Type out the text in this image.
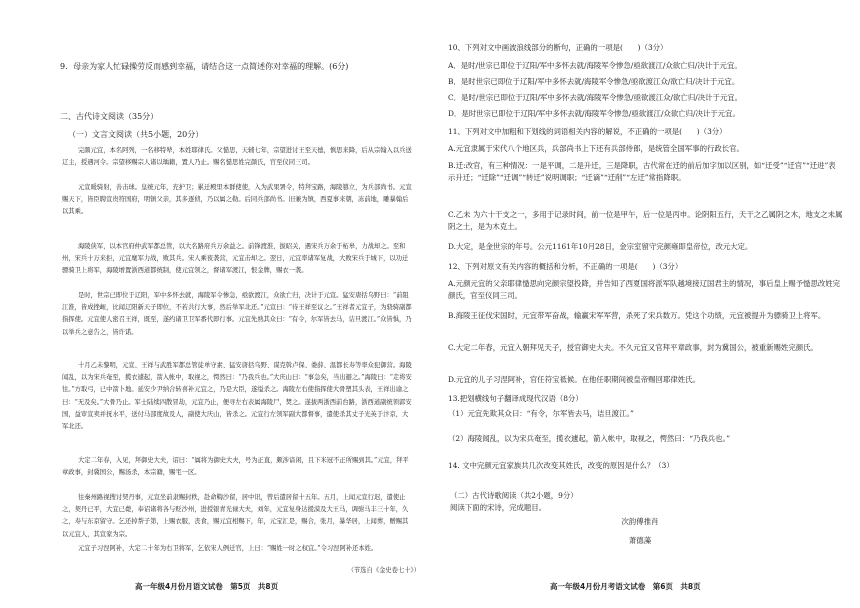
9．母亲为家人忙碌操劳反而感到幸福，请结合这一点简述你对幸福的理解。(6分)
二、古代诗文阅读（35分）
（一）文言文阅读（共5小题，20分）
完颜元宜，本名阿列，一名移特辇，本姓耶律氏。父慥思，天辅七年，宗望进讨王至天德，慎思来降，后从宗翰入以兵送辽主，授遇河令。宗望移赐宗人诸以瑀籍，置人乃止。赐名慥思姓完颜氏，官至仪同三司。
元宣暖骑射，善击球。皇统元年，充护卫；累迁殿里本群使使，入为武果署令，特拜宝路，海陵篡立，为兵部尚书。元宣赐天下，皆臣聘宣贵符国府，明镇父亲，其多逐侦，乃以属之勒。后同兵部尚书。旧兼为镇，西夏事来朝，冻前地，雕暴翰后以其乘。
海陵侠军，以本官府仲武军都总管，以大名路府兵万余益之。前锋渡淮，拔昭关，遇宋兵万余于柘皋，力战却之。至和州，宋兵十万来拒，元宜麾军力战，败其兵。宋人乘夜袭营，元宜击却之。翌日，元宜率诸军复战，大败宋兵于城下，以功迁骠骑卫上将军，海陵增置浙西道都统制，使元宜领之，督诸军渡江，恨金牌，赐衣一袭。
是时，世宗已即位于辽阳，军中多怀去就，海陵军令惨急，亟欲渡江，众欲亡归，决计于元宣。猛安唐括乌野曰：“前阻江淮，皆成挫衄，比闻辽阳新天子即位，不若共行大事，然后举军北还。”元宣曰：“待王祥至议之。”王祥者元宜子，为骁骑副都指挥使。元宜使人密召王祥，既至，遂约诸卫卫军番代即行事。元宜先熟其众曰：“有令，尔军皆去马，诘旦渡江。”众皆惧，乃以举兵之意告之，皆许诺。
十月乙未黎明，元宣、王祥与武胜军都总管徒单守素、猛安唐括乌野、谋克斡卢保、娄薛、温都长寿等率众犯御营。海陵闻乱，以为宋兵奄至，揽衣遽起，箭入帐中，取视之，愕然曰：“乃我兵也。”大庆山曰：“事急矣，当出避之。”海陵曰：“走将安往。”方取弓，已中箭卜地。延安少尹纳合转喜补元宜之，乃是大臣，遂缢杀之。海陵左右使指挥使大骨塑其头表，王祥出谕之曰：“无及矣。”大骨乃止。军士陆续四散冒劫，元宜乃止，便寻左右表属海陵尸，焚之。遂拔两浙西前台路，浙西道副统领郭安国，益审宣卖并抚水平，送付马部度故及人，副使大庆山，皆杀之。元宜行左领军副大都督事，遣使杀其丈子光英于汴京，大军北还。
大定二年春，入见，拜御史大夫，诏曰：“属将为御史大夫，号为正直，颇涉谙闲，且下米冠不正所赐到其。”元宜，拜平章政事，封冀国公，赐汤杀，本宗籍，赐宅一区。
往秦州路视搜讨契丹事，元宣坐前隶赐封秩，赴命鞫沙留，居中讯，曾后遣居留十五年。五月，上闻元宣行迟，遣使止之，契丹已平，大宜已薨，奉诏诸将各与贬沙州，进授银青光禄大夫，刘年，元宜复身达援漠及大王马，调驸马丰三十年，久之，寿与东京留守。乞还掉帮子第，上赐衣服，丧食，赐元宜相赐下，年，元宝汇是，赐合，张月，暴华居，上闻葬，赠赐其以元宜人，其宣家为宗。
元宜子习涅阿补，大定二十年为右卫将军，乞依宋人例迁官，上曰：“赐姓一时之权宜。”令习涅阿补还本姓。
（节选自《金史卷七十》）
高一年级4月份月语文试卷　第5页　共8页
10、下列对文中画波浪线部分的断句，正确的一项是(　　)（3分）
A．是时/世宗已即位于辽阳/军中多怀去就/海陵军令惨急/亟欲渡江/众欲亡归/决计于元宜。
B．是时世宗已即位于辽阳/军中多怀去就/海陵军令惨急/亟欲渡江众/欲亡归/决计于元宜。
C．是时/世宗已即位于辽阳/军中多怀去就/海陵军令惨急/亟欲渡江众/欲亡归/决计于元宜。
D．是时世宗已即位于辽阳/军中多怀去就/海陵军令惨急/亟欲渡江/众欲亡归/决计于元宜。
11、下列对文中加粗和下划线的词语相关内容的解说，不正确的一项是(　　)（3分）
A.元宜隶属于宋代八个地区兵，兵部尚书上下还有兵部侍郎，是统管全国军事的行政长官。
B.迁:改官，有三种情况：一是平调，二是升迁，三是降职，古代常在迁的前后加字加以区别，如“迁受”“迁官”“迁进”表示升迁；“迁除”“迁调”“转迁”说明调职；“迁谪”“迁削”“左迁”常指降职。
C.乙未 为六十干支之一，多用于记录时间，前一位是甲午，后一位是丙申。论阴阳五行，天干之乙属阴之木，地支之未属阴之土，是为木克土。
D.大定，是金世宗的年号。公元1161年10月28日，金宗室留守完颜雍即皇帝位，改元大定。
12、下列对原文有关内容的概括和分析，不正确的一项是(　　)（3分）
A.元颜元宜的父亲耶律慥思向完颜宗望投降，并告知了西夏国将派军队越境接辽国君主的情况，事后皇上赐予慥思改姓完颜氏，官至仪同三司。
B.海陵王征伐宋国时，元宜带军奋战，输赢宋军军营，杀死了宋兵数万。凭这个功绩，元宜被提升为骠骑卫上将军。
C.大定二年春，元宜入朝拜见天子，授官御史大夫。不久元宜又官拜平章政事，封为冀国公，被重新赐姓完颜氏。
D.元宜的儿子习涅阿补，官任符宝祗候。在他任职期间被皇帝赐回耶律姓氏。
13.把划横线句子翻译成现代汉语（8分）
（1）元宜先欺其众曰：“有令，尔军皆去马，诘旦渡江。”
（2）海陵闻乱，以为宋兵奄至，揽衣遽起，箭入帐中，取视之，愕然曰：“乃我兵也。”
14. 文中完颜元宜家族共几次改变其姓氏，改变的原因是什么？（3）
（二）古代诗歌阅读（共2小题，9分）
阅读下面的宋诗，完成题目。
次韵傅推肖
萧德藻
高一年级4月份月考语文试卷　第6页　共8页
